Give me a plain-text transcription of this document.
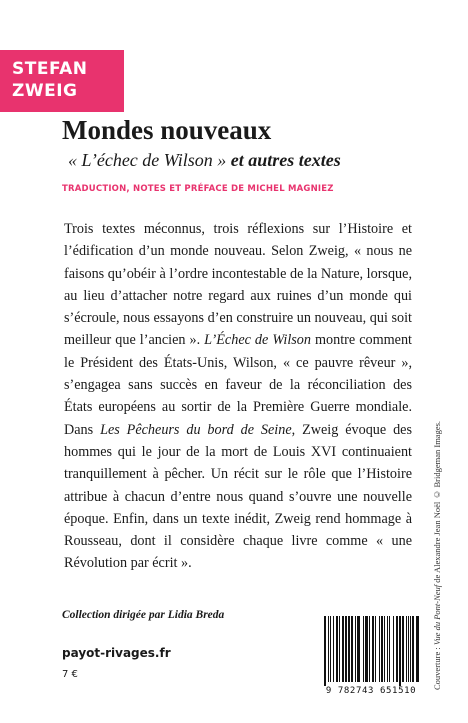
STEFAN
ZWEIG
Mondes nouveaux

« L’échec de Wilson » et autres textes

TRADUCTION, NOTES ET PRÉFACE DE MICHEL MAGNIEZ

Trois textes méconnus, trois réflexions sur l’Histoire et l’édification d’un monde nouveau. Selon Zweig, « nous ne faisons qu’obéir à l’ordre incontestable de la Nature, lorsque, au lieu d’attacher notre regard aux ruines d’un monde qui s’écroule, nous essayons d’en construire un nouveau, qui soit meilleur que l’ancien ». L’Échec de Wilson montre comment le Président des États-Unis, Wilson, « ce pauvre rêveur », s’engagea sans succès en faveur de la réconciliation des États européens au sortir de la Première Guerre mondiale. Dans Les Pêcheurs du bord de Seine, Zweig évoque des hommes qui le jour de la mort de Louis XVI continuaient tranquillement à pêcher. Un récit sur le rôle que l’Histoire attribue à chacun d’entre nous quand s’ouvre une nouvelle époque. Enfin, dans un texte inédit, Zweig rend hommage à Rousseau, dont il considère chaque livre comme « une Révolution par écrit ».

Collection dirigée par Lidia Breda

payot-rivages.fr

7 €	Couverture : Vue du Pont-Neuf de Alexandre Jean Noël © Bridgeman Images.
9 782743 651510
